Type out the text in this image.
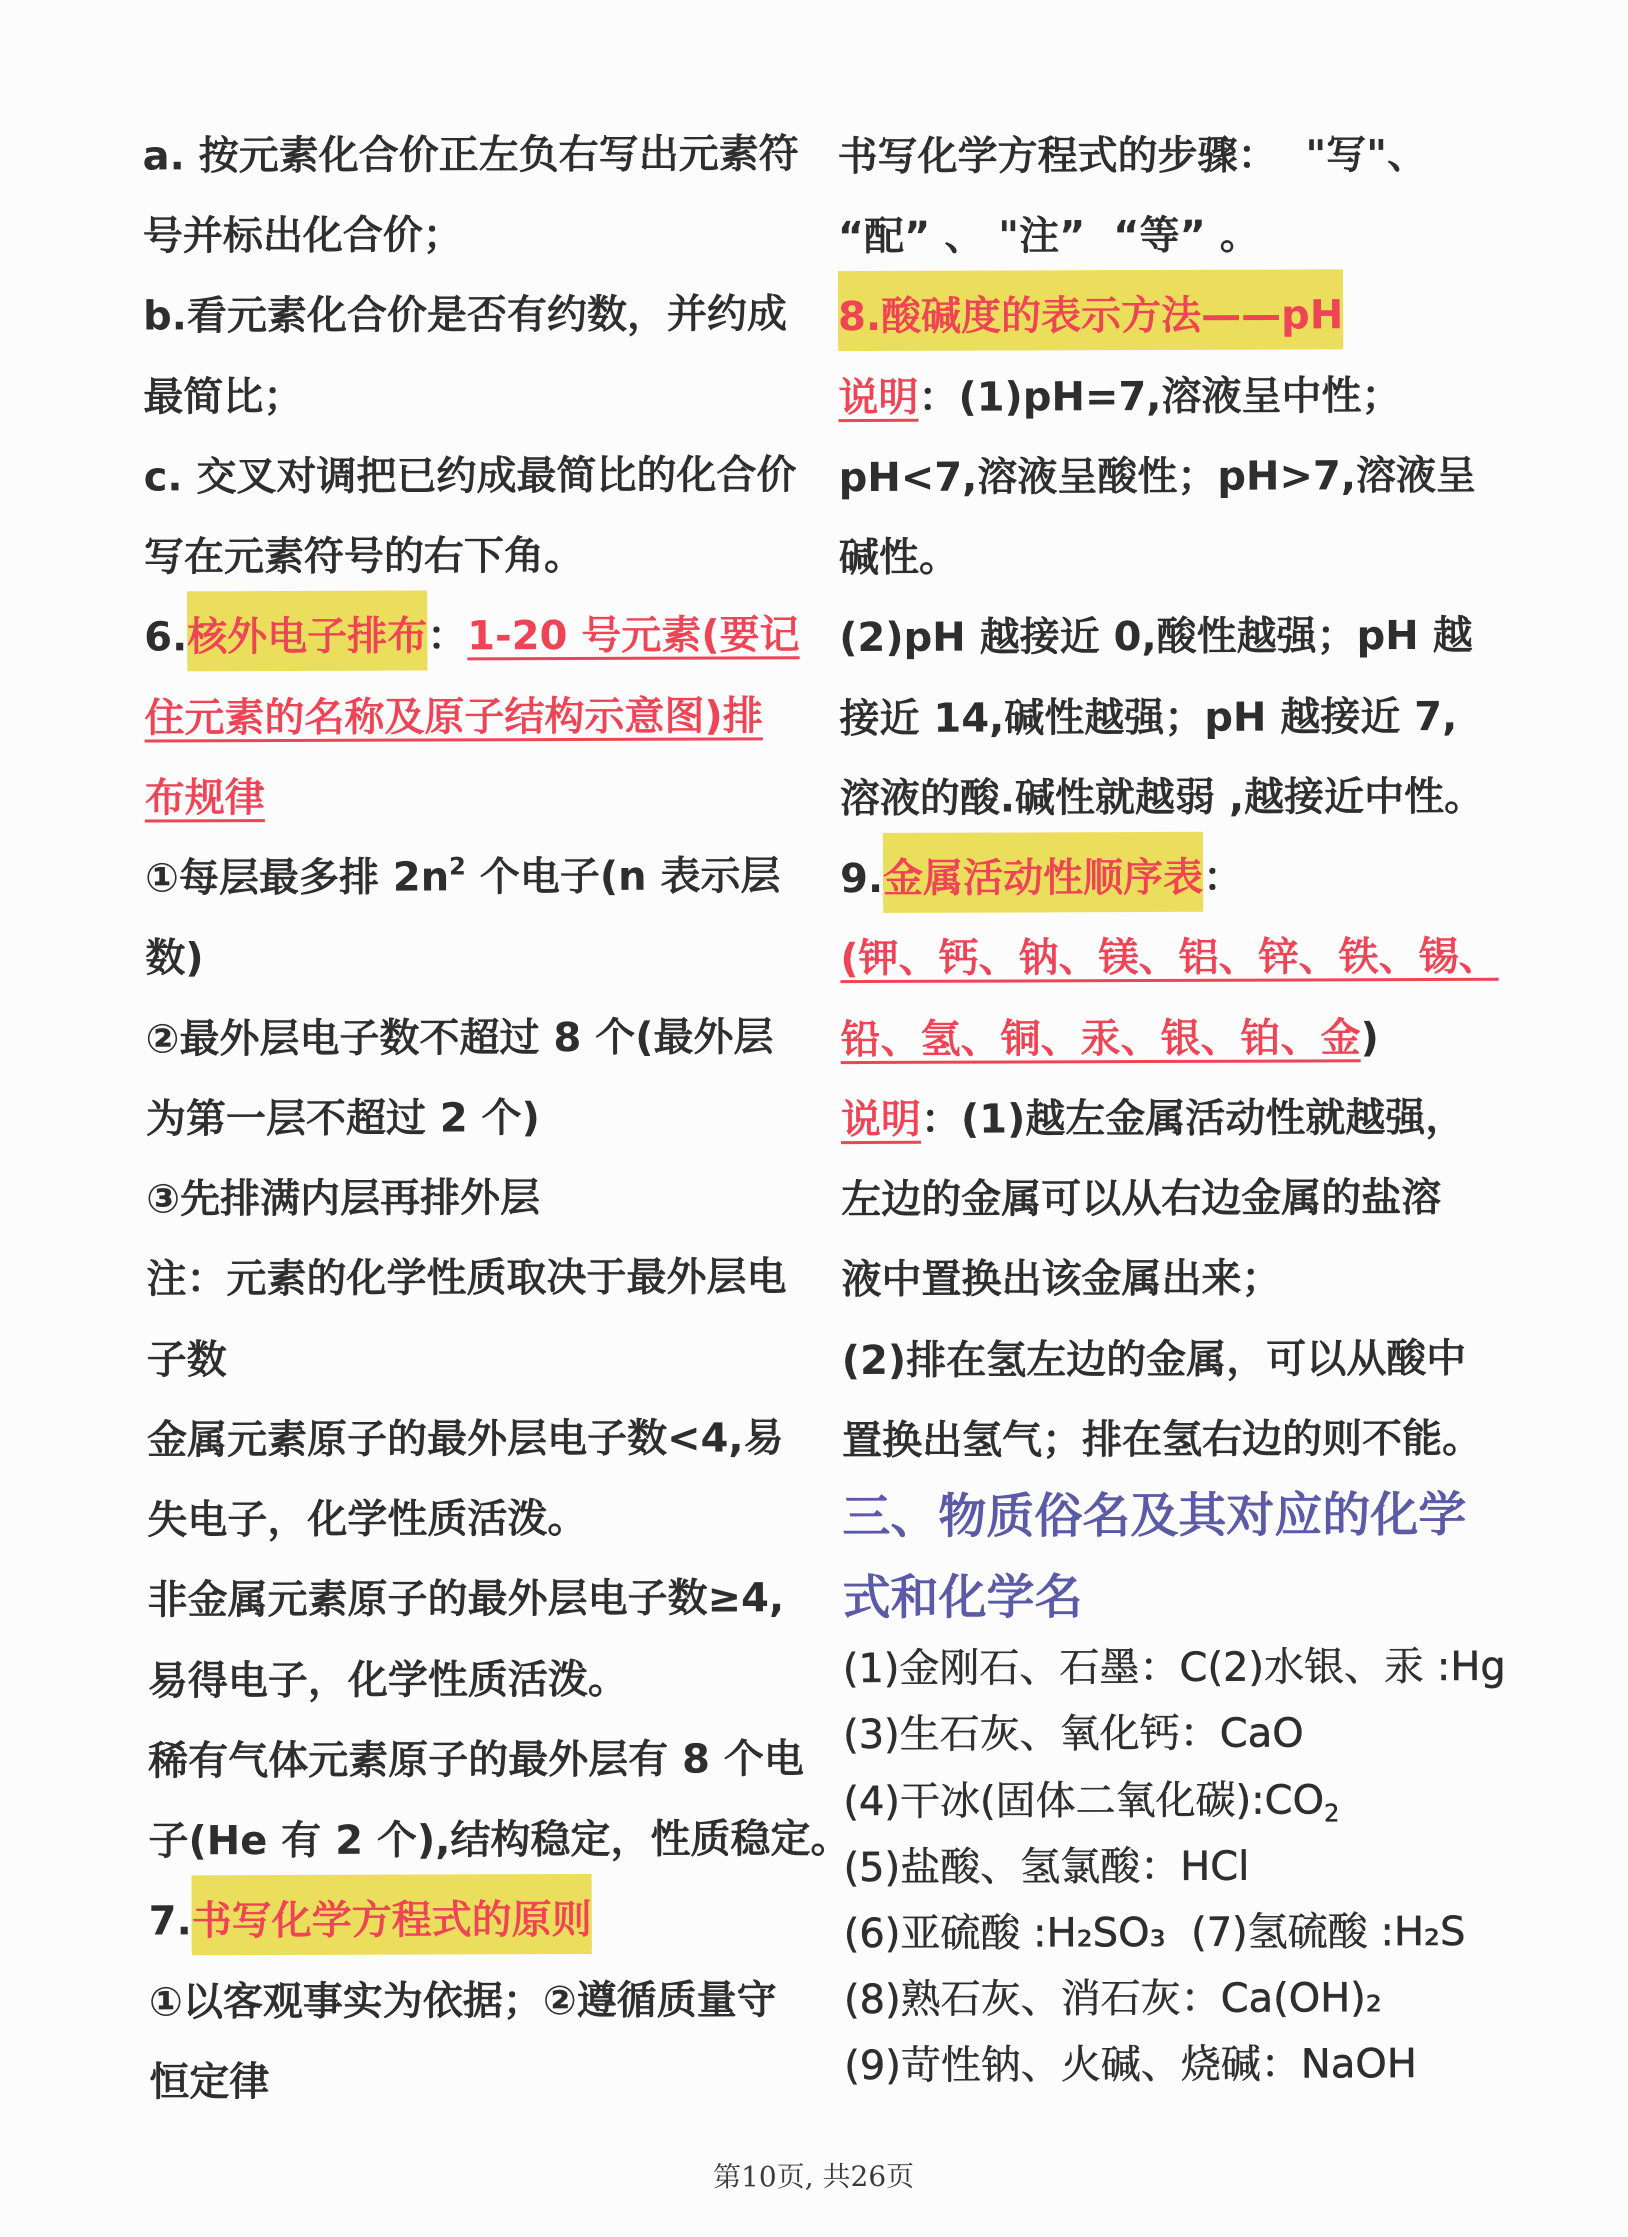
a. 按元素化合价正左负右写出元素符
号并标出化合价；
b.看元素化合价是否有约数，并约成
最简比；
c. 交叉对调把已约成最简比的化合价
写在元素符号的右下角。
6.核外电子排布：1-20 号元素(要记
住元素的名称及原子结构示意图)排
布规律
①每层最多排 $2n^2$ 个电子(n 表示层
数)
②最外层电子数不超过 8 个(最外层
为第一层不超过 2 个)
③先排满内层再排外层
注：元素的化学性质取决于最外层电
子数
金属元素原子的最外层电子数<4,易
失电子，化学性质活泼。
非金属元素原子的最外层电子数≥4,
易得电子，化学性质活泼。
稀有气体元素原子的最外层有 8 个电
子(He 有 2 个),结构稳定，性质稳定。
7.书写化学方程式的原则
①以客观事实为依据；②遵循质量守
恒定律
书写化学方程式的步骤：  "写"、
“配” 、 "注”  “等” 。
8.酸碱度的表示方法——pH
说明：(1)pH=7,溶液呈中性；
pH<7,溶液呈酸性；pH>7,溶液呈
碱性。
(2)pH 越接近 0,酸性越强；pH 越
接近 14,碱性越强；pH 越接近 7,
溶液的酸.碱性就越弱 ,越接近中性。
9.金属活动性顺序表：
(钾、钙、钠、镁、铝、锌、铁、锡、
铅、氢、铜、汞、银、铂、金)
说明：(1)越左金属活动性就越强，
左边的金属可以从右边金属的盐溶
液中置换出该金属出来；
(2)排在氢左边的金属，可以从酸中
置换出氢气；排在氢右边的则不能。
三、物质俗名及其对应的化学
式和化学名
(1)金刚石、石墨：C(2)水银、汞 :Hg
(3)生石灰、氧化钙：CaO
(4)干冰(固体二氧化碳)$:CO_2$
(5)盐酸、氢氯酸：HCl
(6)亚硫酸 :H₂SO₃  (7)氢硫酸 :H₂S
(8)熟石灰、消石灰：Ca(OH)₂
(9)苛性钠、火碱、烧碱：NaOH
第10页, 共26页
